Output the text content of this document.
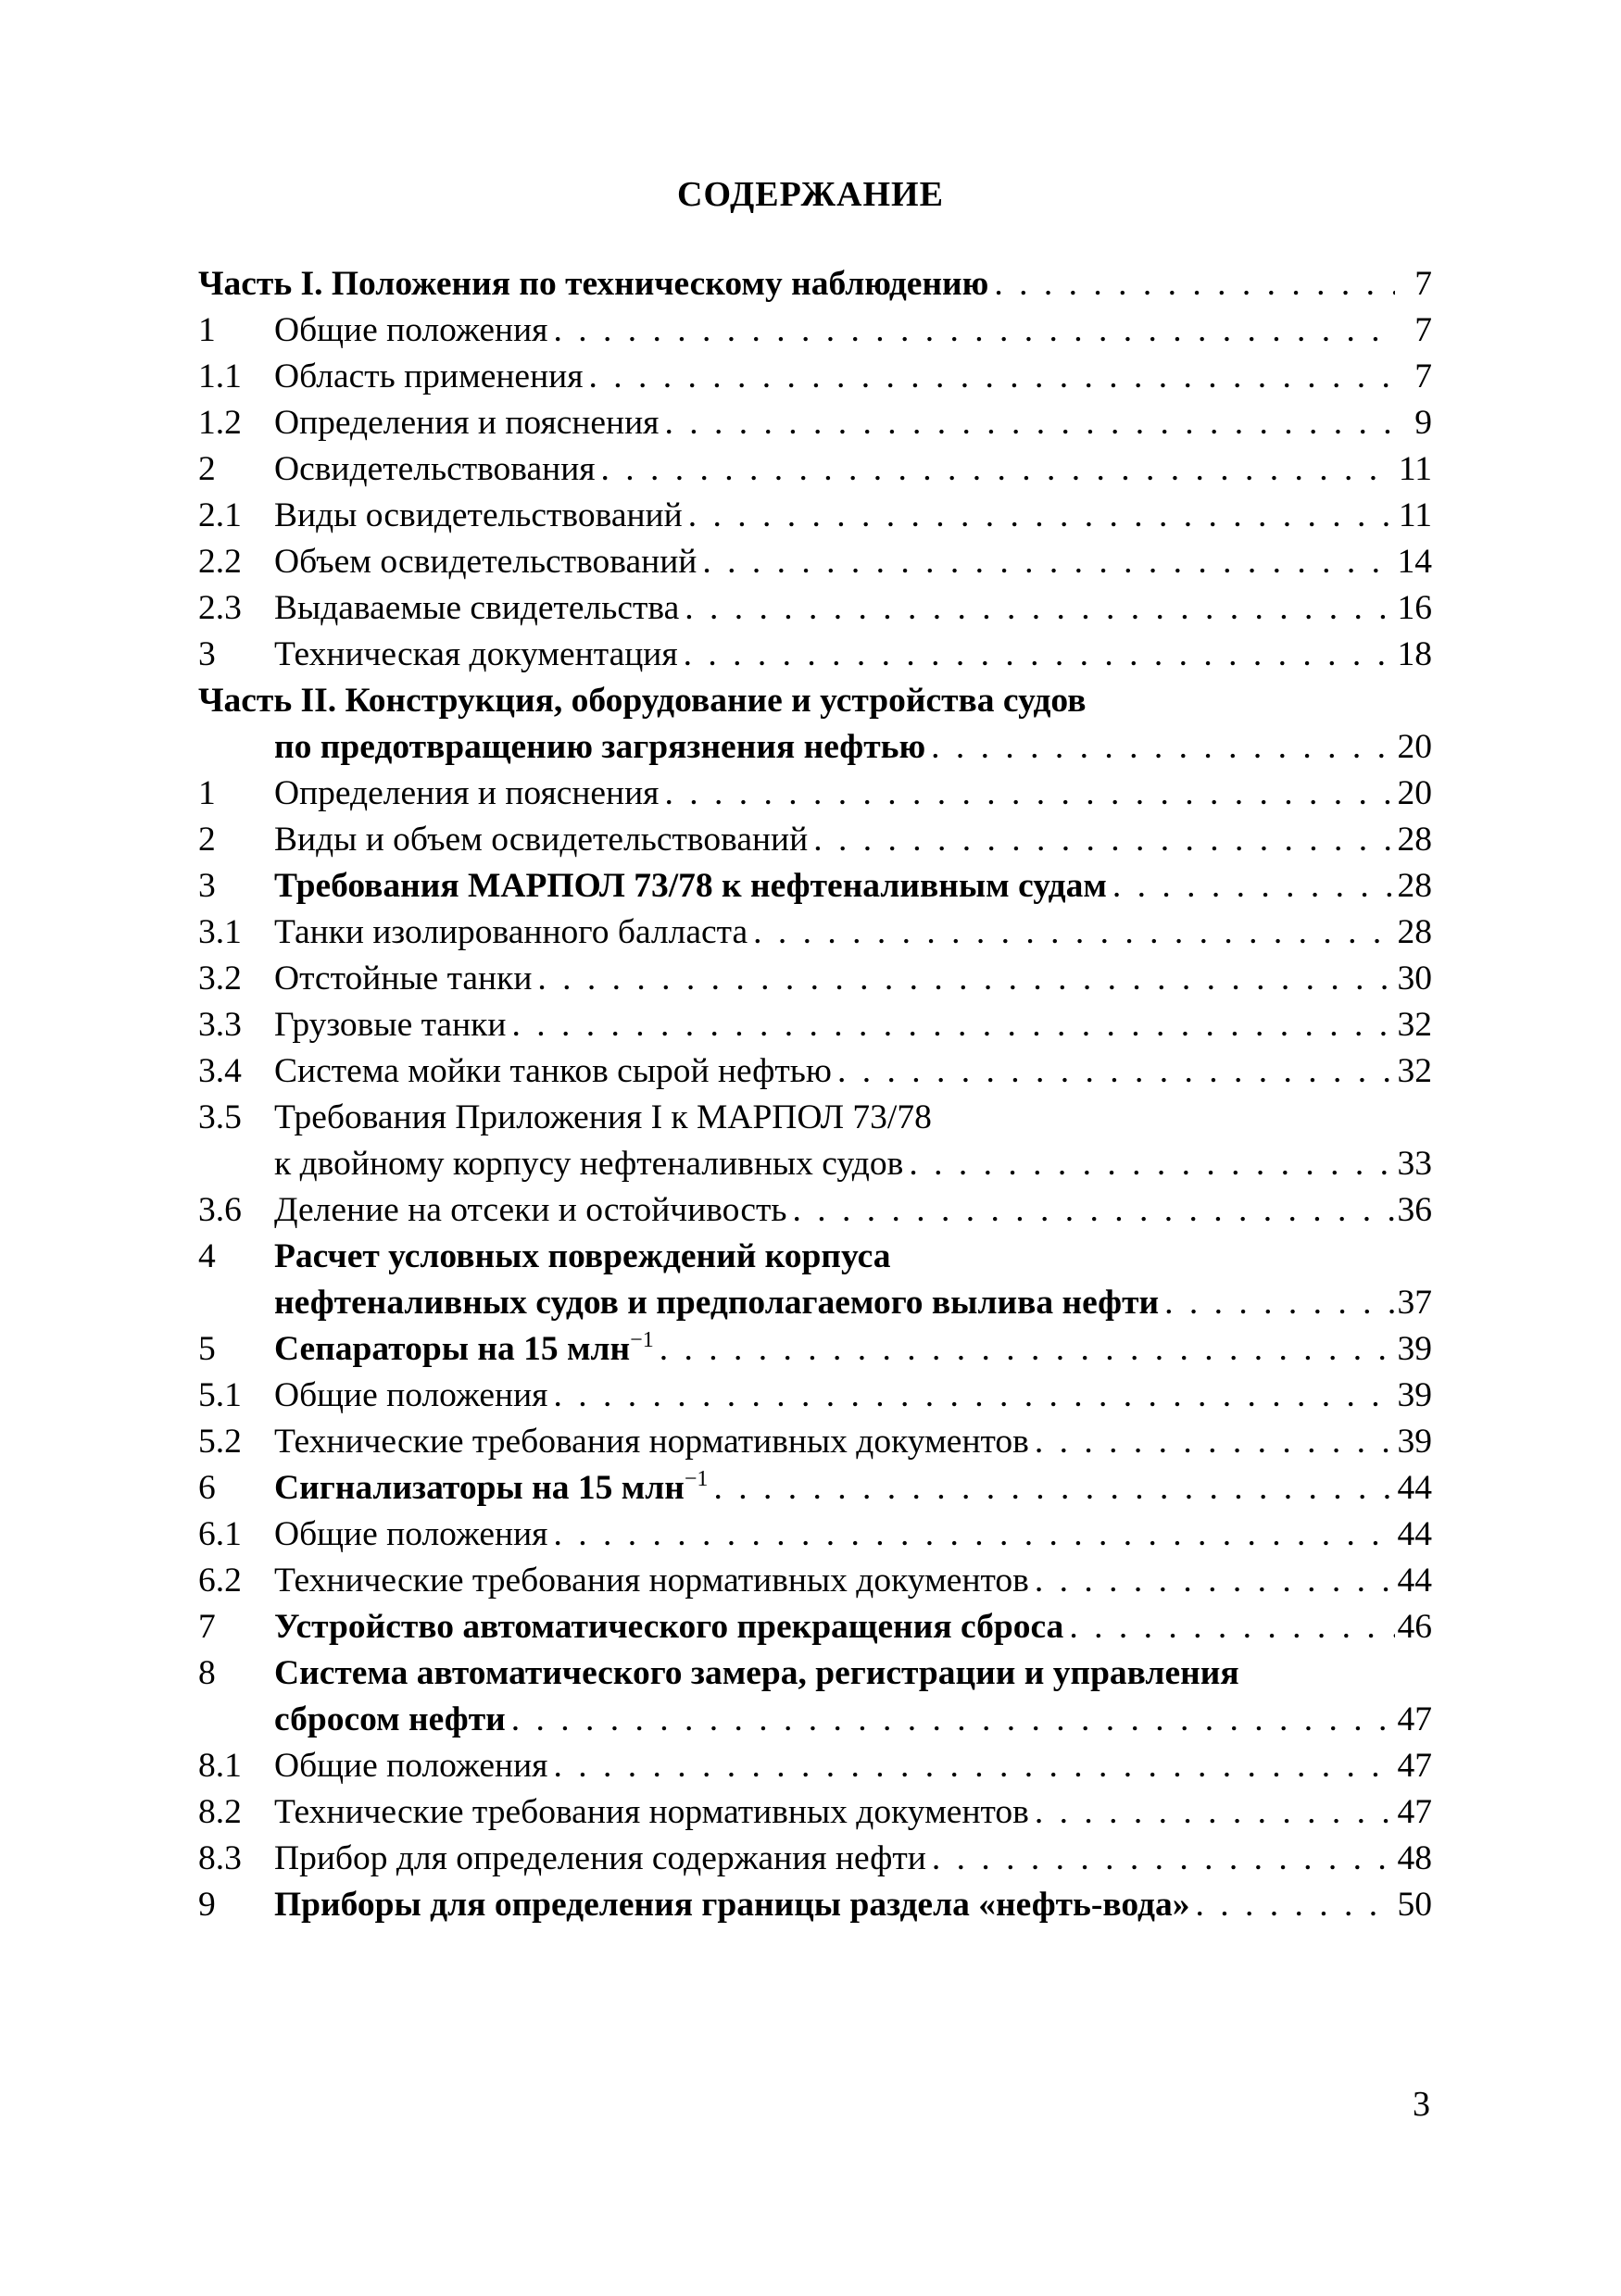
СОДЕРЖАНИЕ
Часть I. Положения по техническому наблюдению . . .	7
1	Общие положения . . .	7
1.1 Область применения . . .	7
1.2 Определения и пояснения . . .	9
2	Освидетельствования . . .	11
2.1 Виды освидетельствований . . .	11
2.2 Объем освидетельствований . . .	14
2.3 Выдаваемые свидетельства . . .	16
3	Техническая документация . . .	18
Часть II. Конструкция, оборудование и устройства судов
по предотвращению загрязнения нефтью . . .	20
1	Определения и пояснения . . .	20
2	Виды и объем освидетельствований . . .	28
3	Требования МАРПОЛ 73/78 к нефтеналивным судам . . .	28
3.1 Танки изолированного балласта . . .	28
3.2 Отстойные танки . . .	30
3.3 Грузовые танки . . .	32
3.4 Система мойки танков сырой нефтью . . .	32
3.5 Требования Приложения I к МАРПОЛ 73/78
к двойному корпусу нефтеналивных судов . . .	33
3.6 Деление на отсеки и остойчивость . . .	36
4	Расчет условных повреждений корпуса
нефтеналивных судов и предполагаемого вылива нефти . . .	37
5	Сепараторы на 15 млн$^{-1}$ . . .	39
5.1 Общие положения . . .	39
5.2 Технические требования нормативных документов . . .	39
6	Сигнализаторы на 15 млн$^{-1}$ . . .	44
6.1 Общие положения . . .	44
6.2 Технические требования нормативных документов . . .	44
7	Устройство автоматического прекращения сброса . . .	46
8	Система автоматического замера, регистрации и управления
сбросом нефти . . .	47
8.1 Общие положения . . .	47
8.2 Технические требования нормативных документов . . .	47
8.3 Прибор для определения содержания нефти . . .	48
9	Приборы для определения границы раздела «нефть-вода» . . .	50
3
